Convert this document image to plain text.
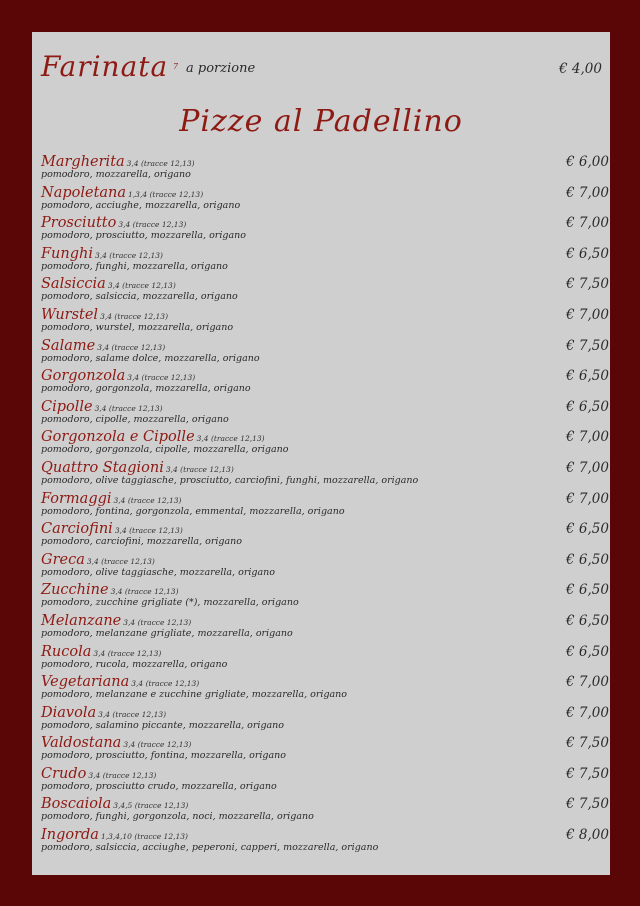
Farinata 7 a porzione	€ 4,00
Pizze al Padellino
Margherita 3,4 (tracce 12,13)
pomodoro, mozzarella, origano
€ 6,00
Napoletana 1,3,4 (tracce 12,13)
pomodoro, acciughe, mozzarella, origano
€ 7,00
Prosciutto 3,4 (tracce 12,13)
pomodoro, prosciutto, mozzarella, origano
€ 7,00
Funghi 3,4 (tracce 12,13)
pomodoro, funghi, mozzarella, origano
€ 6,50
Salsiccia 3,4 (tracce 12,13)
pomodoro, salsiccia, mozzarella, origano
€ 7,50
Wurstel 3,4 (tracce 12,13)
pomodoro, wurstel, mozzarella, origano
€ 7,00
Salame 3,4 (tracce 12,13)
pomodoro, salame dolce, mozzarella, origano
€ 7,50
Gorgonzola 3,4 (tracce 12,13)
pomodoro, gorgonzola, mozzarella, origano
€ 6,50
Cipolle 3,4 (tracce 12,13)
pomodoro, cipolle, mozzarella, origano
€ 6,50
Gorgonzola e Cipolle 3,4 (tracce 12,13)
pomodoro, gorgonzola, cipolle, mozzarella, origano
€ 7,00
Quattro Stagioni 3,4 (tracce 12,13)
pomodoro, olive taggiasche, prosciutto, carciofini, funghi, mozzarella, origano
€ 7,00
Formaggi 3,4 (tracce 12,13)
pomodoro, fontina, gorgonzola, emmental, mozzarella, origano
€ 7,00
Carciofini 3,4 (tracce 12,13)
pomodoro, carciofini, mozzarella, origano
€ 6,50
Greca 3,4 (tracce 12,13)
pomodoro, olive taggiasche, mozzarella, origano
€ 6,50
Zucchine 3,4 (tracce 12,13)
pomodoro, zucchine grigliate (*), mozzarella, origano
€ 6,50
Melanzane 3,4 (tracce 12,13)
pomodoro, melanzane grigliate, mozzarella, origano
€ 6,50
Rucola 3,4 (tracce 12,13)
pomodoro, rucola, mozzarella, origano
€ 6,50
Vegetariana 3,4 (tracce 12,13)
pomodoro, melanzane e zucchine grigliate, mozzarella, origano
€ 7,00
Diavola 3,4 (tracce 12,13)
pomodoro, salamino piccante, mozzarella, origano
€ 7,00
Valdostana 3,4 (tracce 12,13)
pomodoro, prosciutto, fontina, mozzarella, origano
€ 7,50
Crudo 3,4 (tracce 12,13)
pomodoro, prosciutto crudo, mozzarella, origano
€ 7,50
Boscaiola 3,4,5 (tracce 12,13)
pomodoro, funghi, gorgonzola, noci, mozzarella, origano
€ 7,50
Ingorda 1,3,4,10 (tracce 12,13)
pomodoro, salsiccia, acciughe, peperoni, capperi, mozzarella, origano
€ 8,00
